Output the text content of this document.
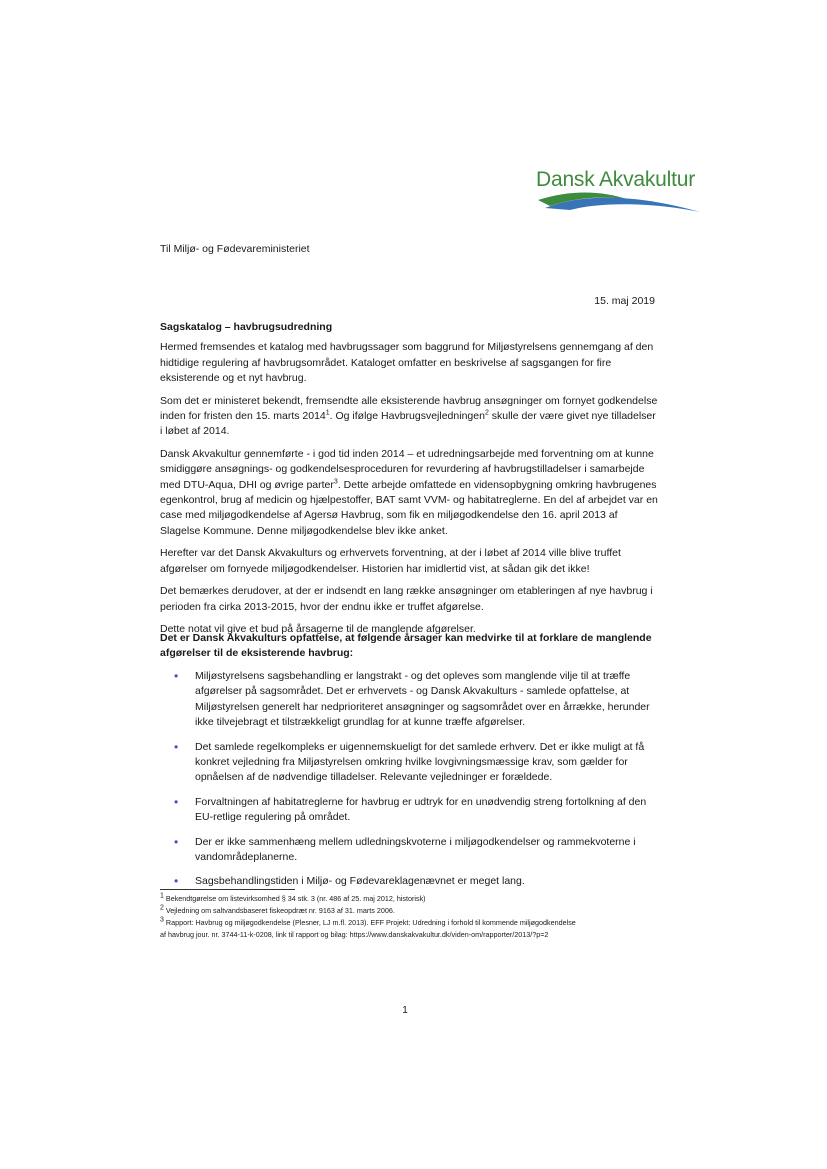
Dansk Akvakultur
Til Miljø- og Fødevareministeriet
15. maj 2019

Sagskatalog – havbrugsudredning

Hermed fremsendes et katalog med havbrugssager som baggrund for Miljøstyrelsens gennemgang af den hidtidige regulering af havbrugsområdet. Kataloget omfatter en beskrivelse af sagsgangen for fire eksisterende og et nyt havbrug.

Som det er ministeret bekendt, fremsendte alle eksisterende havbrug ansøgninger om fornyet godkendelse inden for fristen den 15. marts 2014$^1$. Og ifølge Havbrugsvejledningen$^2$ skulle der være givet nye tilladelser i løbet af 2014.

Dansk Akvakultur gennemførte - i god tid inden 2014 – et udredningsarbejde med forventning om at kunne smidiggøre ansøgnings- og godkendelsesproceduren for revurdering af havbrugstilladelser i samarbejde med DTU-Aqua, DHI og øvrige parter$^3$. Dette arbejde omfattede en vidensopbygning omkring havbrugenes egenkontrol, brug af medicin og hjælpestoffer, BAT samt VVM- og habitatreglerne. En del af arbejdet var en case med miljøgodkendelse af Agersø Havbrug, som fik en miljøgodkendelse den 16. april 2013 af Slagelse Kommune. Denne miljøgodkendelse blev ikke anket.

Herefter var det Dansk Akvakulturs og erhvervets forventning, at der i løbet af 2014 ville blive truffet afgørelser om fornyede miljøgodkendelser. Historien har imidlertid vist, at sådan gik det ikke!

Det bemærkes derudover, at der er indsendt en lang række ansøgninger om etableringen af nye havbrug i perioden fra cirka 2013-2015, hvor der endnu ikke er truffet afgørelse.

Dette notat vil give et bud på årsagerne til de manglende afgørelser.

Det er Dansk Akvakulturs opfattelse, at følgende årsager kan medvirke til at forklare de manglende afgørelser til de eksisterende havbrug:

• Miljøstyrelsens sagsbehandling er langstrakt - og det opleves som manglende vilje til at træffe afgørelser på sagsområdet. Det er erhvervets - og Dansk Akvakulturs - samlede opfattelse, at Miljøstyrelsen generelt har nedprioriteret ansøgninger og sagsområdet over en årrække, herunder ikke tilvejebragt et tilstrækkeligt grundlag for at kunne træffe afgørelser.
• Det samlede regelkompleks er uigennemskueligt for det samlede erhverv. Det er ikke muligt at få konkret vejledning fra Miljøstyrelsen omkring hvilke lovgivningsmæssige krav, som gælder for opnåelsen af de nødvendige tilladelser. Relevante vejledninger er forældede.
• Forvaltningen af habitatreglerne for havbrug er udtryk for en unødvendig streng fortolkning af den EU-retlige regulering på området.
• Der er ikke sammenhæng mellem udledningskvoterne i miljøgodkendelser og rammekvoterne i vandområdeplanerne.
• Sagsbehandlingstiden i Miljø- og Fødevareklagenævnet er meget lang.
$^1$ Bekendtgørelse om listevirksomhed § 34 stk. 3 (nr. 486 af 25. maj 2012, historisk)
$^2$ Vejledning om saltvandsbaseret fiskeopdræt nr. 9163 af 31. marts 2006.
$^3$ Rapport: Havbrug og miljøgodkendelse (Plesner, LJ m.fl. 2013). EFF Projekt: Udredning i forhold til kommende miljøgodkendelse
af havbrug jour. nr. 3744-11-k-0208, link til rapport og bilag: https://www.danskakvakultur.dk/viden-om/rapporter/2013/?p=2
1
